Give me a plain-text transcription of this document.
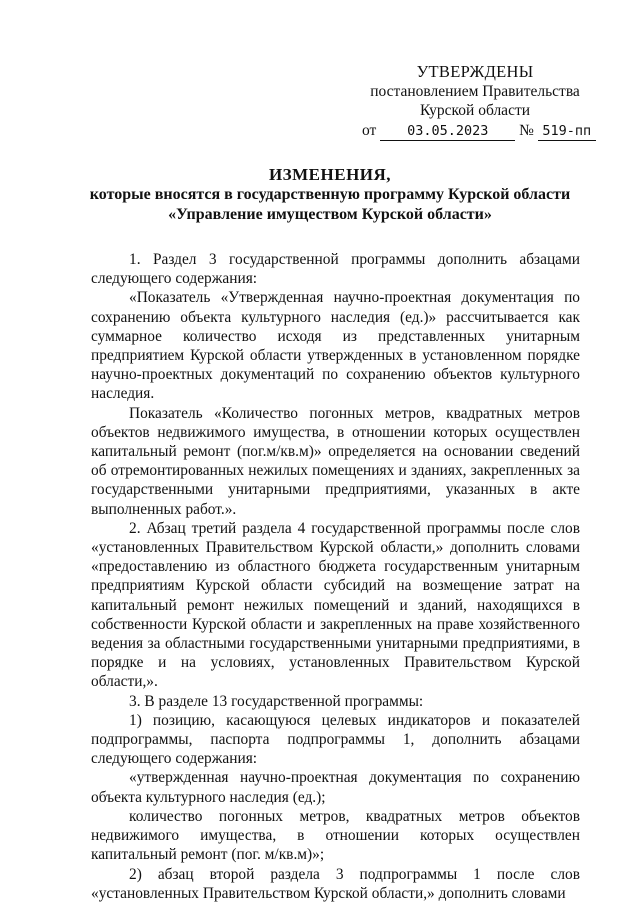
УТВЕРЖДЕНЫ
постановлением Правительства
Курской области
от 03.05.2023 № 519-пп
ИЗМЕНЕНИЯ,
которые вносятся в государственную программу Курской области
«Управление имуществом Курской области»

1. Раздел 3 государственной программы дополнить абзацами следующего содержания:

«Показатель «Утвержденная научно-проектная документация по сохранению объекта культурного наследия (ед.)» рассчитывается как суммарное количество исходя из представленных унитарным предприятием Курской области утвержденных в установленном порядке научно-проектных документаций по сохранению объектов культурного наследия.

Показатель «Количество погонных метров, квадратных метров объектов недвижимого имущества, в отношении которых осуществлен капитальный ремонт (пог.м/кв.м)» определяется на основании сведений об отремонтированных нежилых помещениях и зданиях, закрепленных за государственными унитарными предприятиями, указанных в акте выполненных работ.».

2. Абзац третий раздела 4 государственной программы после слов «установленных Правительством Курской области,» дополнить словами «предоставлению из областного бюджета государственным унитарным предприятиям Курской области субсидий на возмещение затрат на капитальный ремонт нежилых помещений и зданий, находящихся в собственности Курской области и закрепленных на праве хозяйственного ведения за областными государственными унитарными предприятиями, в порядке и на условиях, установленных Правительством Курской области,».

3. В разделе 13 государственной программы:

1) позицию, касающуюся целевых индикаторов и показателей подпрограммы, паспорта подпрограммы 1, дополнить абзацами следующего содержания:

«утвержденная научно-проектная документация по сохранению объекта культурного наследия (ед.);

количество погонных метров, квадратных метров объектов недвижимого имущества, в отношении которых осуществлен капитальный ремонт (пог. м/кв.м)»;

2) абзац второй раздела 3 подпрограммы 1 после слов «установленных Правительством Курской области,» дополнить словами
